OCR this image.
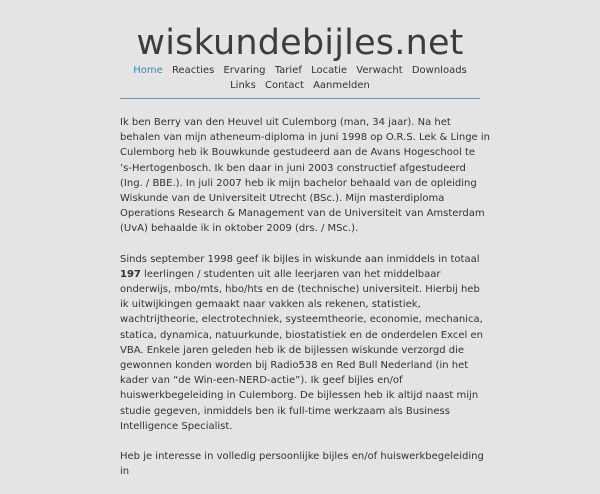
wiskundebijles.net
Home Reacties Ervaring Tarief Locatie Verwacht Downloads
Links Contact Aanmelden

Ik ben Berry van den Heuvel uit Culemborg (man, 34 jaar). Na het behalen van mijn atheneum-diploma in juni 1998 op O.R.S. Lek & Linge in Culemborg heb ik Bouwkunde gestudeerd aan de Avans Hogeschool te ’s-Hertogenbosch. Ik ben daar in juni 2003 constructief afgestudeerd (Ing. / BBE.). In juli 2007 heb ik mijn bachelor behaald van de opleiding Wiskunde van de Universiteit Utrecht (BSc.). Mijn masterdiploma Operations Research & Management van de Universiteit van Amsterdam (UvA) behaalde ik in oktober 2009 (drs. / MSc.).

Sinds september 1998 geef ik bijles in wiskunde aan inmiddels in totaal 197 leerlingen / studenten uit alle leerjaren van het middelbaar onderwijs, mbo/mts, hbo/hts en de (technische) universiteit. Hierbij heb ik uitwijkingen gemaakt naar vakken als rekenen, statistiek, wachtrijtheorie, electrotechniek, systeemtheorie, economie, mechanica, statica, dynamica, natuurkunde, biostatistiek en de onderdelen Excel en VBA. Enkele jaren geleden heb ik de bijlessen wiskunde verzorgd die gewonnen konden worden bij Radio538 en Red Bull Nederland (in het kader van “de Win-een-NERD-actie”). Ik geef bijles en/of huiswerkbegeleiding in Culemborg. De bijlessen heb ik altijd naast mijn studie gegeven, inmiddels ben ik full-time werkzaam als Business Intelligence Specialist.

Heb je interesse in volledig persoonlijke bijles en/of huiswerkbegeleiding in
